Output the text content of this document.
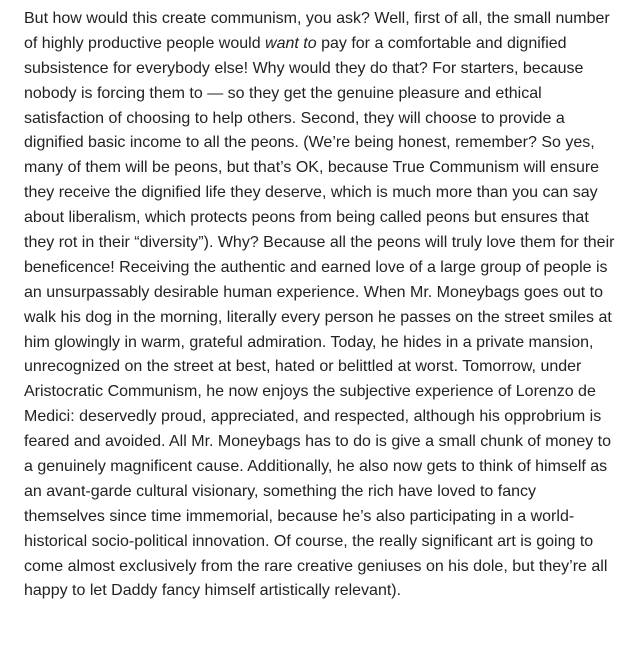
But how would this create communism, you ask? Well, first of all, the small number
of highly productive people would want to pay for a comfortable and dignified
subsistence for everybody else! Why would they do that? For starters, because
nobody is forcing them to — so they get the genuine pleasure and ethical
satisfaction of choosing to help others. Second, they will choose to provide a
dignified basic income to all the peons. (We’re being honest, remember? So yes,
many of them will be peons, but that’s OK, because True Communism will ensure
they receive the dignified life they deserve, which is much more than you can say
about liberalism, which protects peons from being called peons but ensures that
they rot in their “diversity”). Why? Because all the peons will truly love them for their
beneficence! Receiving the authentic and earned love of a large group of people is
an unsurpassably desirable human experience. When Mr. Moneybags goes out to
walk his dog in the morning, literally every person he passes on the street smiles at
him glowingly in warm, grateful admiration. Today, he hides in a private mansion,
unrecognized on the street at best, hated or belittled at worst. Tomorrow, under
Aristocratic Communism, he now enjoys the subjective experience of Lorenzo de
Medici: deservedly proud, appreciated, and respected, although his opprobrium is
feared and avoided. All Mr. Moneybags has to do is give a small chunk of money to
a genuinely magnificent cause. Additionally, he also now gets to think of himself as
an avant-garde cultural visionary, something the rich have loved to fancy
themselves since time immemorial, because he’s also participating in a world-
historical socio-political innovation. Of course, the really significant art is going to
come almost exclusively from the rare creative geniuses on his dole, but they’re all
happy to let Daddy fancy himself artistically relevant).
